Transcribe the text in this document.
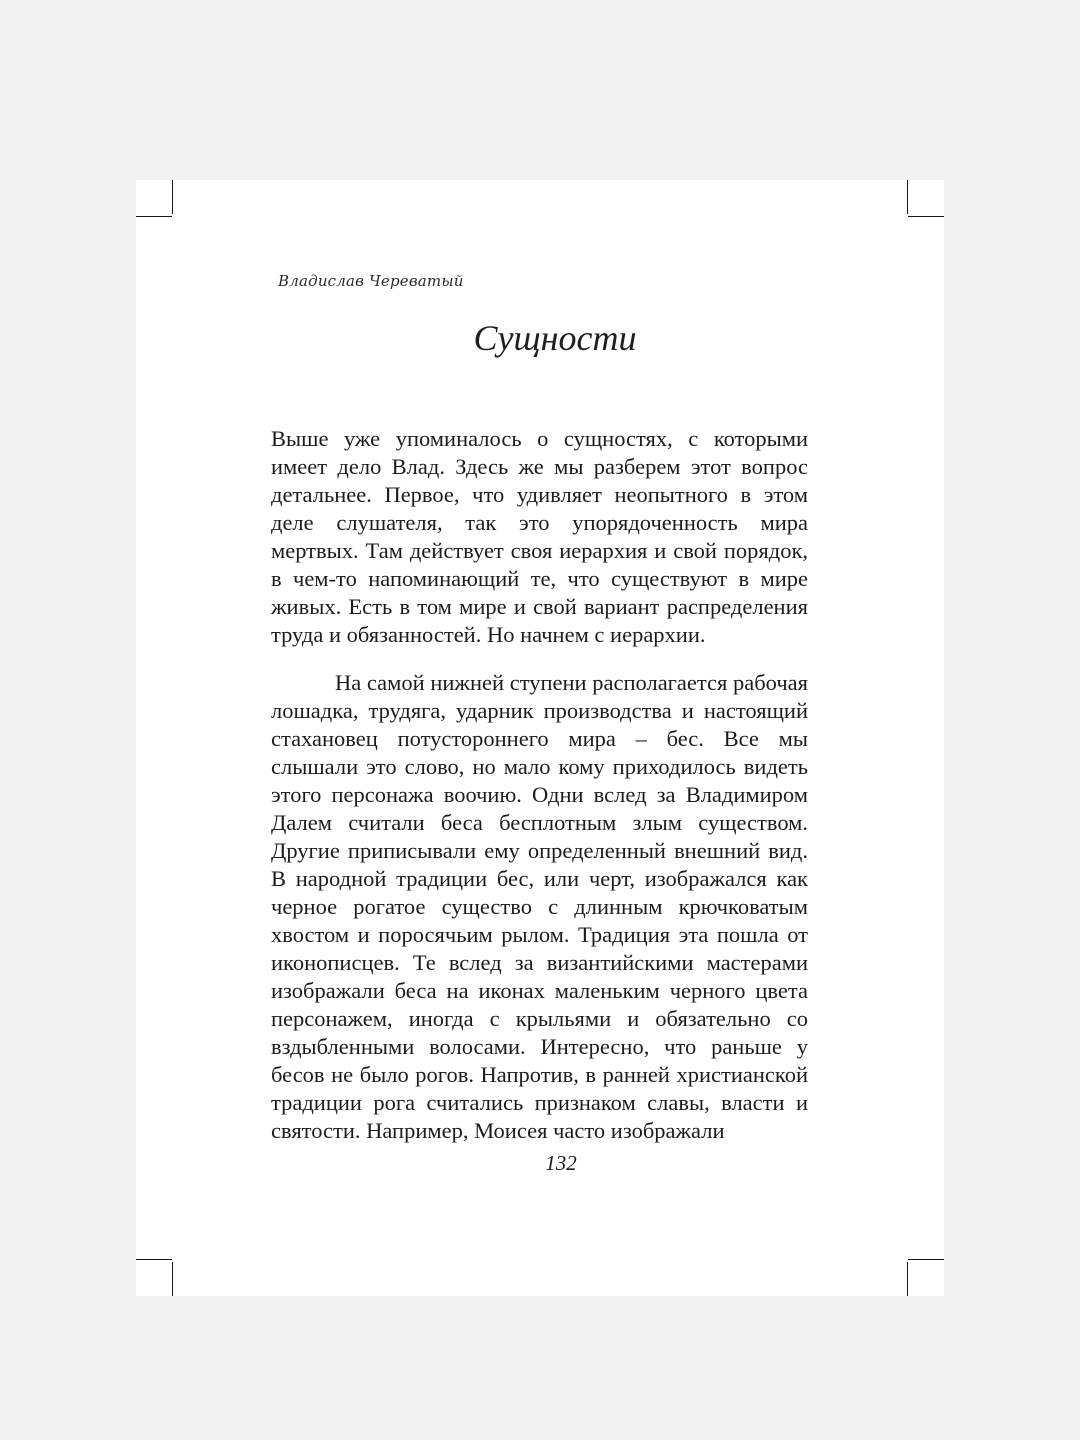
Владислав Череватый
Сущности

Выше уже упоминалось о сущностях, с которыми имеет дело Влад. Здесь же мы разберем этот вопрос детальнее. Первое, что удивляет неопытного в этом деле слушателя, так это упорядоченность мира мертвых. Там действует своя иерархия и свой порядок, в чем-то напоминающий те, что существуют в мире живых. Есть в том мире и свой вариант распределения труда и обязанностей. Но начнем с иерархии.

На самой нижней ступени располагается рабочая лошадка, трудяга, ударник производства и настоящий стахановец потустороннего мира – бес. Все мы слышали это слово, но мало кому приходилось видеть этого персонажа воочию. Одни вслед за Владимиром Далем считали беса бесплотным злым существом. Другие приписывали ему определенный внешний вид. В народной традиции бес, или черт, изображался как черное рогатое существо с длинным крючковатым хвостом и поросячьим рылом. Традиция эта пошла от иконописцев. Те вслед за византийскими мастерами изображали беса на иконах маленьким черного цвета персонажем, иногда с крыльями и обязательно со вздыбленными волосами. Интересно, что раньше у бесов не было рогов. Напротив, в ранней христианской традиции рога считались признаком славы, власти и святости. Например, Моисея часто изображали

132
